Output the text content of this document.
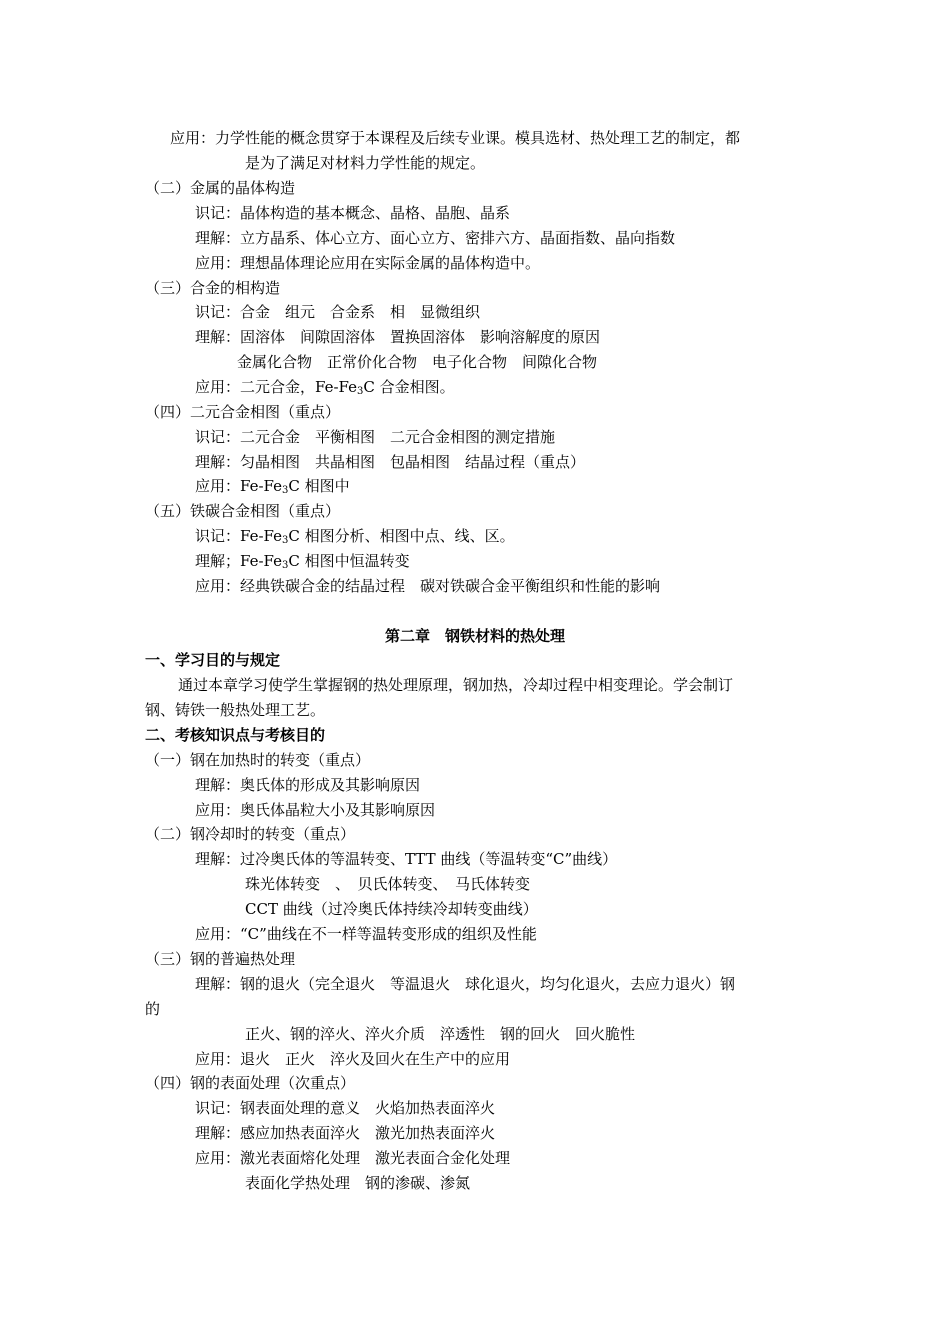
应用：力学性能的概念贯穿于本课程及后续专业课。模具选材、热处理工艺的制定，都
是为了满足对材料力学性能的规定。
（二）金属的晶体构造
识记：晶体构造的基本概念、晶格、晶胞、晶系
理解：立方晶系、体心立方、面心立方、密排六方、晶面指数、晶向指数
应用：理想晶体理论应用在实际金属的晶体构造中。
（三）合金的相构造
识记：合金　组元　合金系　相　显微组织
理解：固溶体　间隙固溶体　置换固溶体　影响溶解度的原因
金属化合物　正常价化合物　电子化合物　间隙化合物
应用：二元合金，$Fe-Fe_3C$ 合金相图。
（四）二元合金相图（重点）
识记：二元合金　平衡相图　二元合金相图的测定措施
理解：匀晶相图　共晶相图　包晶相图　结晶过程（重点）
应用：$Fe-Fe_3C$ 相图中
（五）铁碳合金相图（重点）
识记：$Fe-Fe_3C$ 相图分析、相图中点、线、区。
理解；$Fe-Fe_3C$ 相图中恒温转变
应用：经典铁碳合金的结晶过程　碳对铁碳合金平衡组织和性能的影响
第二章　钢铁材料的热处理
一、学习目的与规定
通过本章学习使学生掌握钢的热处理原理，钢加热，冷却过程中相变理论。学会制订
钢、铸铁一般热处理工艺。
二、考核知识点与考核目的
（一）钢在加热时的转变（重点）
理解：奥氏体的形成及其影响原因
应用：奥氏体晶粒大小及其影响原因
（二）钢冷却时的转变（重点）
理解：过冷奥氏体的等温转变、TTT 曲线（等温转变“C”曲线）
珠光体转变　、　贝氏体转变、　马氏体转变
CCT 曲线（过冷奥氏体持续冷却转变曲线）
应用：“C”曲线在不一样等温转变形成的组织及性能
（三）钢的普遍热处理
理解：钢的退火（完全退火　等温退火　球化退火，均匀化退火，去应力退火）钢
的
正火、钢的淬火、淬火介质　淬透性　钢的回火　回火脆性
应用：退火　正火　淬火及回火在生产中的应用
（四）钢的表面处理（次重点）
识记：钢表面处理的意义　火焰加热表面淬火
理解：感应加热表面淬火　激光加热表面淬火
应用：激光表面熔化处理　激光表面合金化处理
表面化学热处理　钢的渗碳、渗氮
